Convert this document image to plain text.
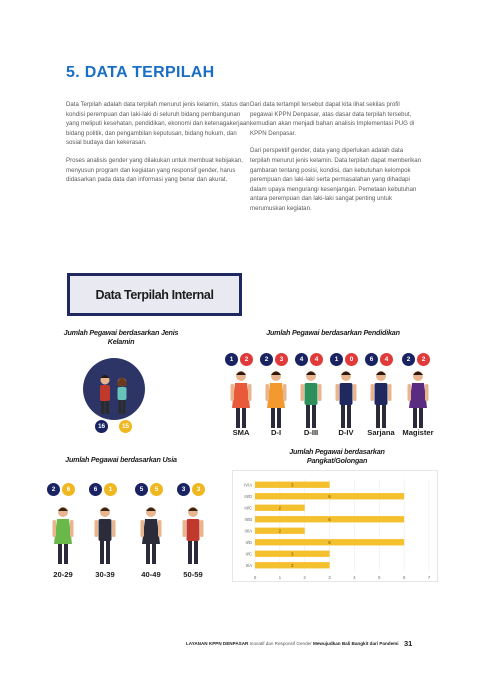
5. DATA TERPILAH

Data Terpilah adalah data terpilah menurut jenis kelamin, status dan kondisi perempuan dan laki-laki di seluruh bidang pembangunan yang meliputi kesehatan, pendidikan, ekonomi dan ketenagakerjaan, bidang politik, dan pengambilan keputusan, bidang hukum, dan sosial budaya dan kekerasan.

Proses analisis gender yang dilakukan untuk membuat kebijakan, menyusun program dan kegiatan yang responsif gender, harus didasarkan pada data dan informasi yang benar dan akurat.

Dari data tertampil tersebut dapat kita lihat sekilas profil pegawai KPPN Denpasar, atas dasar data terpilah tersebut, kemudian akan menjadi bahan analisis Implementasi PUG di KPPN Denpasar.

Dari perspektif gender, data yang diperlukan adalah data terpilah menurut jenis kelamin. Data terpilah dapat memberikan gambaran tentang posisi, kondisi, dan kebutuhan kelompok perempuan dan laki-laki serta permasalahan yang dihadapi dalam upaya mengurangi kesenjangan. Pemetaan kebutuhan antara perempuan dan laki-laki sangat penting untuk merumuskan kegiatan.

Data Terpilah Internal
Jumlah Pegawai berdasarkan Jenis Kelamin
16	15
Jumlah Pegawai berdasarkan Pendidikan
1	2
SMA
2	3
D-I
4	4
D-III
1	0
D-IV
6	4
Sarjana
2	2
Magister
Jumlah Pegawai berdasarkan Usia
2	6
20-29
6	1
30-39
5	5
40-49
3	3
50-59
Jumlah Pegawai berdasarkan Pangkat/Golongan
0	1	2	3	4	5	6	7
IV/A	3
III/D	6
III/C	2
III/B	6
III/A	2
II/D	6
II/C	3
II/A	3
LAYANAN KPPN DENPASAR Inovatif dan Responsif Gender Mewujudkan Bali Bangkit dari Pandemi 31
